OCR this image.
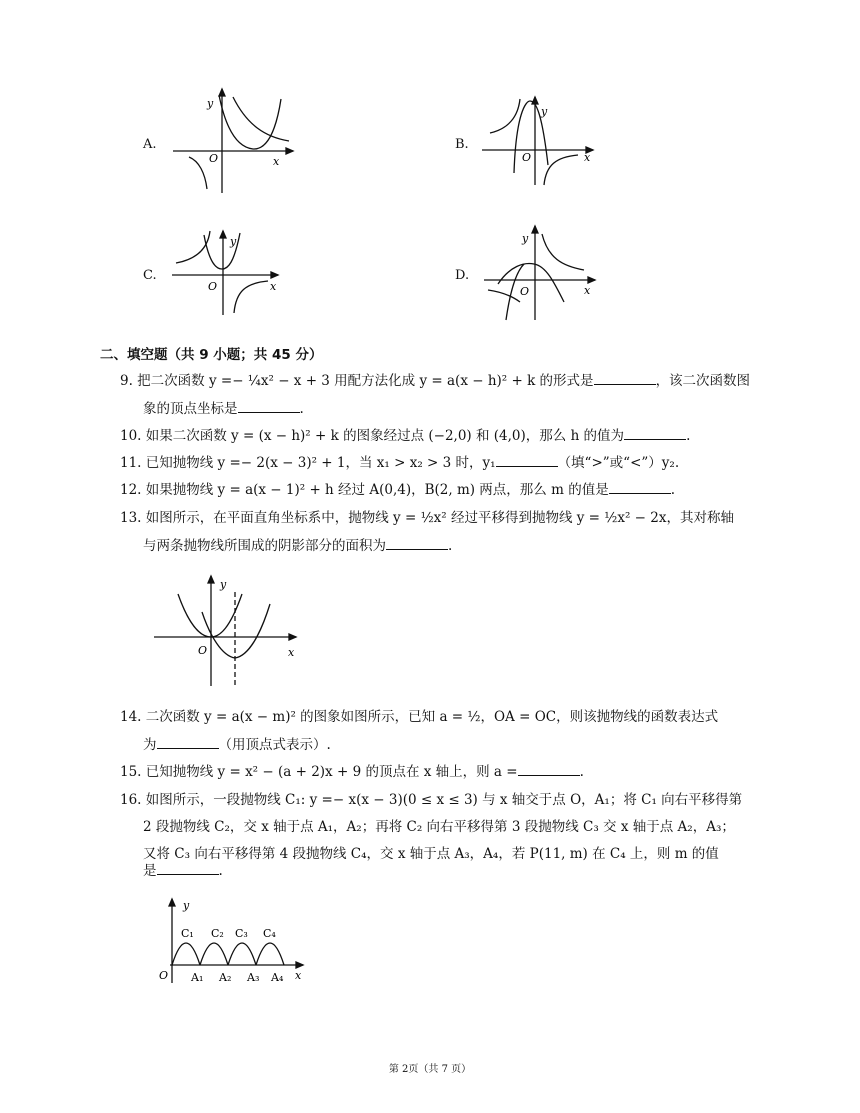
A.
y
O	x
B.
y
O	x
C.
y
O	x
D.
y
O	x
二、填空题（共 9 小题；共 45 分）
9. 把二次函数 y =− ¼x² − x + 3 用配方法化成 y = a(x − h)² + k 的形式是	，该二次函数图
象的顶点坐标是	.
10. 如果二次函数 y = (x − h)² + k 的图象经过点 (−2,0) 和 (4,0)，那么 h 的值为	.
11. 已知抛物线 y =− 2(x − 3)² + 1，当 x₁ > x₂ > 3 时，y₁	（填“>”或“<”）y₂.
12. 如果抛物线 y = a(x − 1)² + h 经过 A(0,4)，B(2, m) 两点，那么 m 的值是	.
13. 如图所示，在平面直角坐标系中，抛物线 y = ½x² 经过平移得到抛物线 y = ½x² − 2x，其对称轴
与两条抛物线所围成的阴影部分的面积为	.
y
O	x
14. 二次函数 y = a(x − m)² 的图象如图所示，已知 a = ½，OA = OC，则该抛物线的函数表达式
为	（用顶点式表示）.
15. 已知抛物线 y = x² − (a + 2)x + 9 的顶点在 x 轴上，则 a =	.
16. 如图所示，一段抛物线 C₁: y =− x(x − 3)(0 ≤ x ≤ 3) 与 x 轴交于点 O，A₁；将 C₁ 向右平移得第
2 段抛物线 C₂，交 x 轴于点 A₁，A₂；再将 C₂ 向右平移得第 3 段抛物线 C₃ 交 x 轴于点 A₂，A₃；
又将 C₃ 向右平移得第 4 段抛物线 C₄，交 x 轴于点 A₃，A₄，若 P(11, m) 在 C₄ 上，则 m 的值
是	.
y
C₁ C₂ C₃ C₄
O A₁ A₂ A₃ A₄ x
第 2页（共 7 页）
